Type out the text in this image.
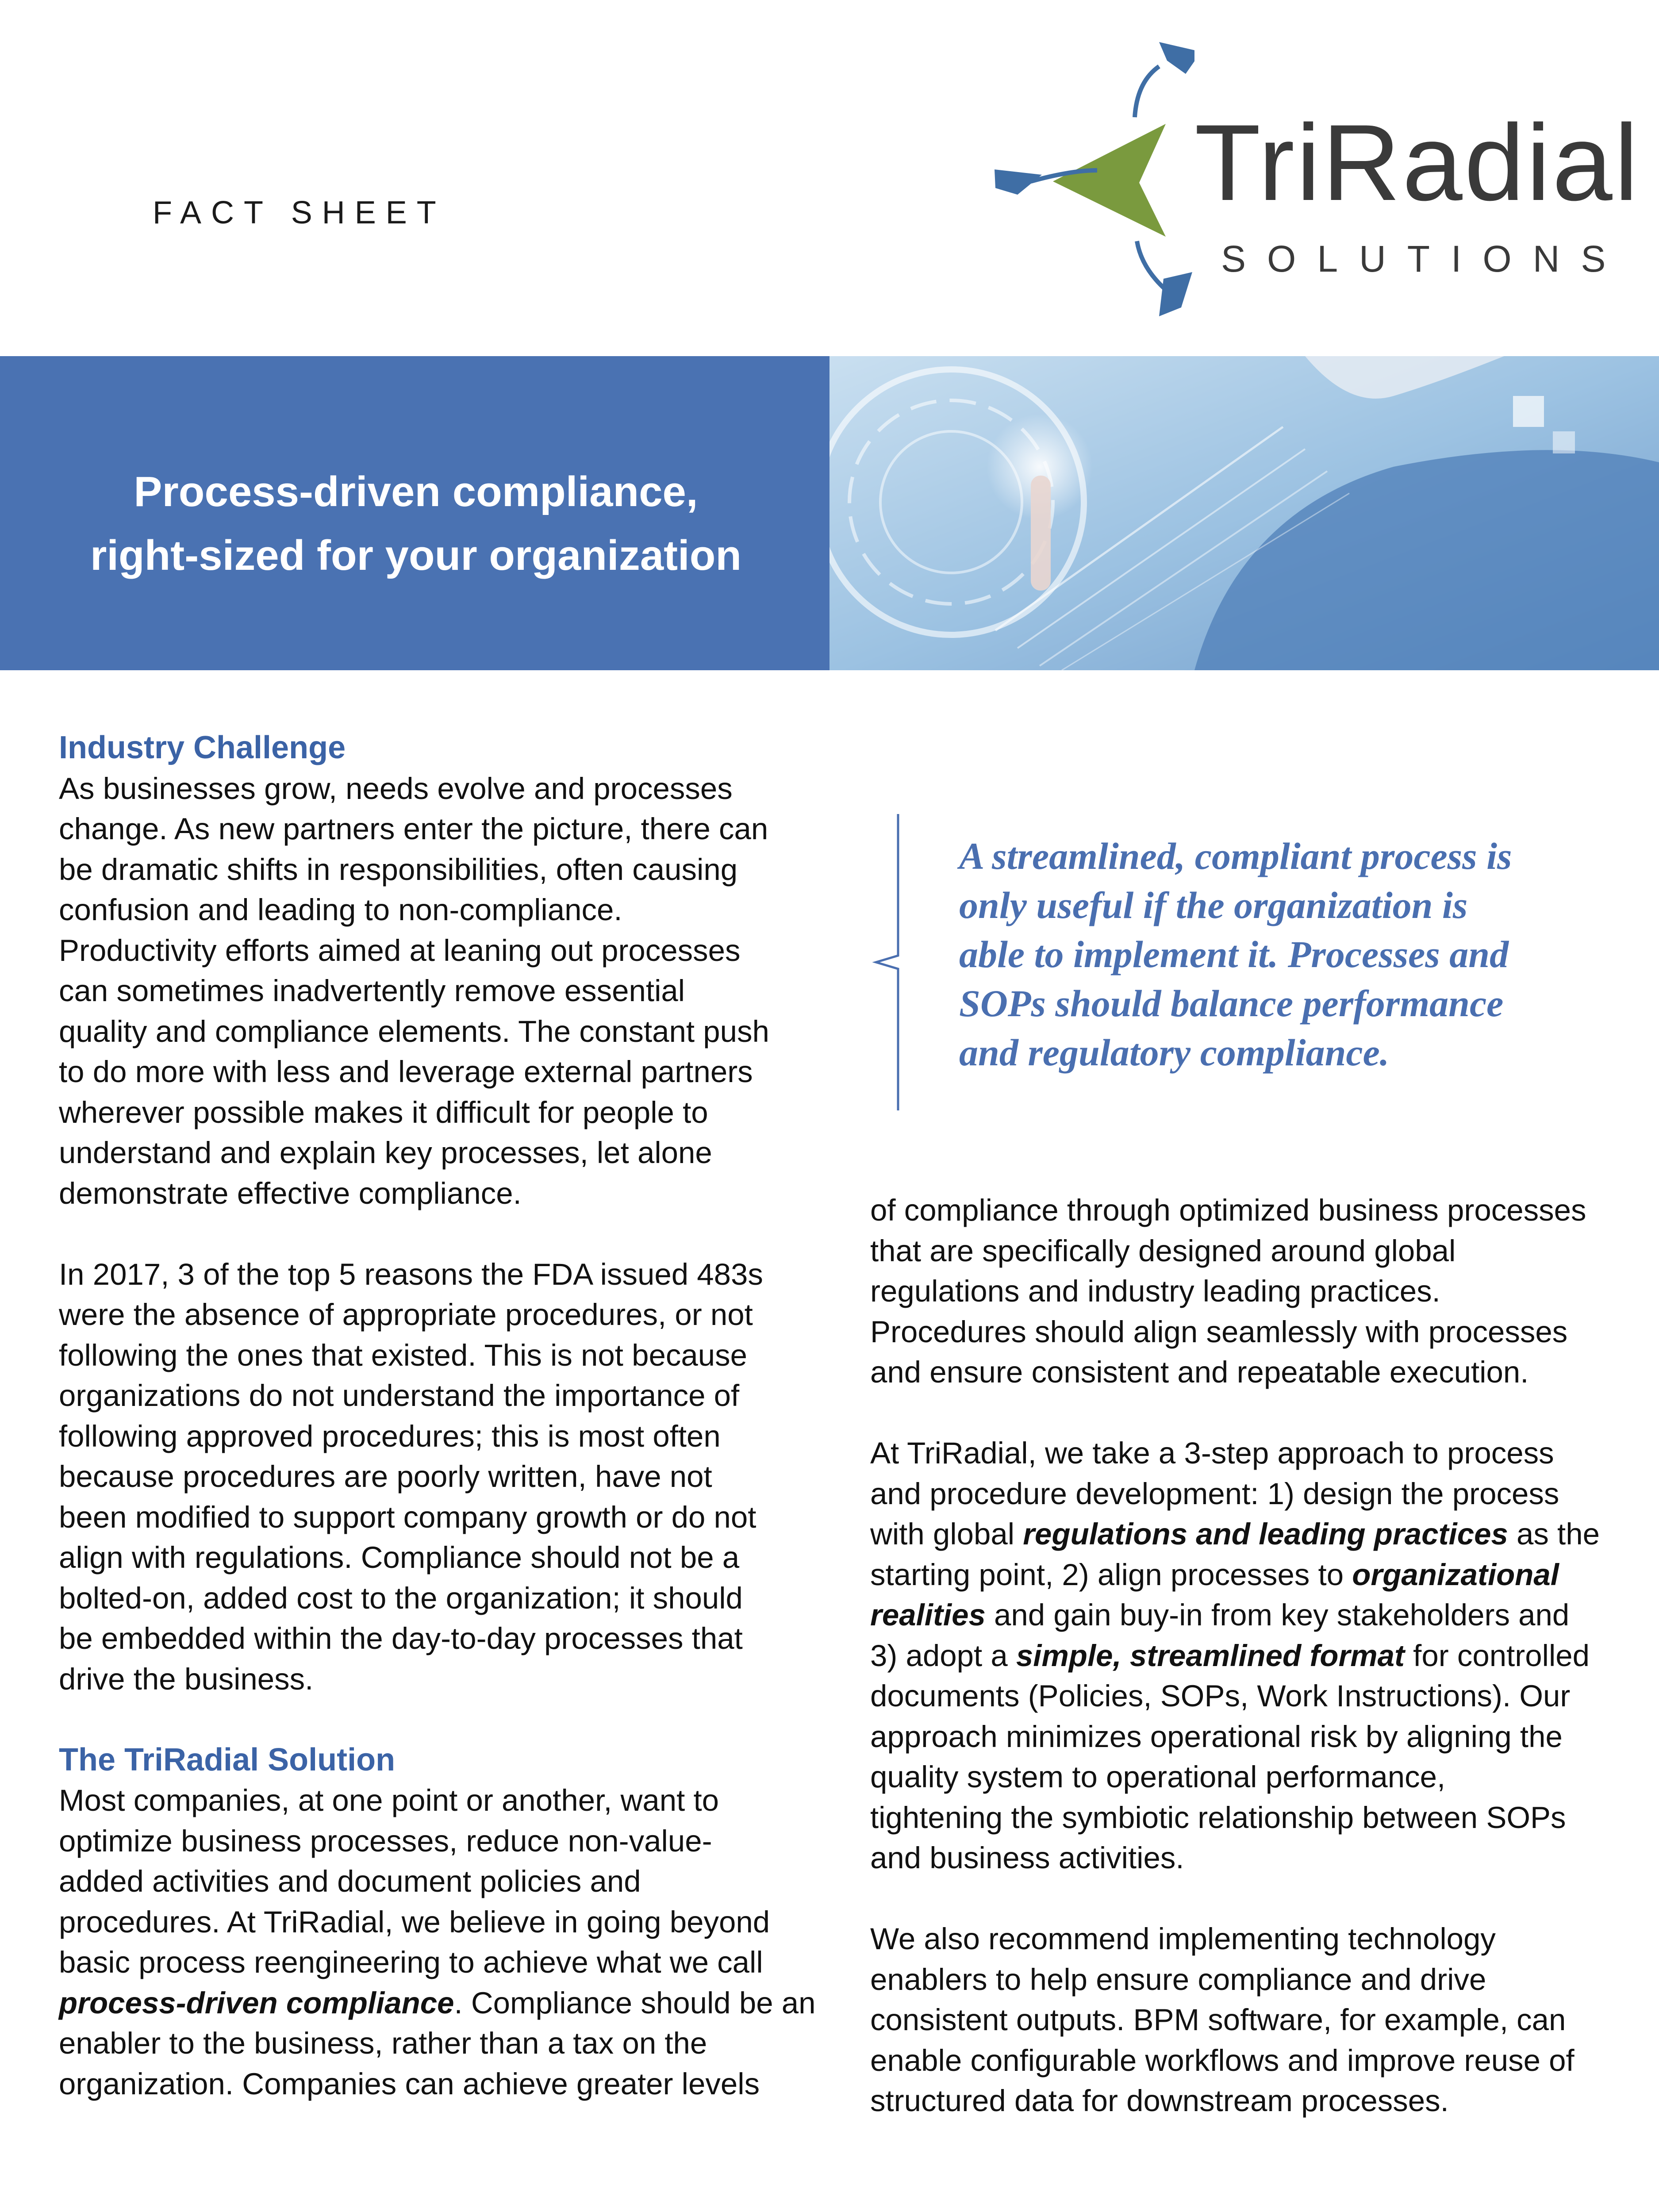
FACT SHEET	TriRadial
SOLUTIONS
Process-driven compliance,
right-sized for your organization
Industry Challenge

As businesses grow, needs evolve and processes

change. As new partners enter the picture, there can

be dramatic shifts in responsibilities, often causing

confusion and leading to non-compliance.

Productivity efforts aimed at leaning out processes

can sometimes inadvertently remove essential

quality and compliance elements. The constant push

to do more with less and leverage external partners

wherever possible makes it difficult for people to

understand and explain key processes, let alone

demonstrate effective compliance.

In 2017, 3 of the top 5 reasons the FDA issued 483s

were the absence of appropriate procedures, or not

following the ones that existed. This is not because

organizations do not understand the importance of

following approved procedures; this is most often

because procedures are poorly written, have not

been modified to support company growth or do not

align with regulations. Compliance should not be a

bolted-on, added cost to the organization; it should

be embedded within the day-to-day processes that

drive the business.

The TriRadial Solution

Most companies, at one point or another, want to

optimize business processes, reduce non-value-

added activities and document policies and

procedures. At TriRadial, we believe in going beyond

basic process reengineering to achieve what we call

process-driven compliance. Compliance should be an

enabler to the business, rather than a tax on the

organization. Companies can achieve greater levels

A streamlined, compliant process is
only useful if the organization is
able to implement it. Processes and
SOPs should balance performance
and regulatory compliance.

of compliance through optimized business processes

that are specifically designed around global

regulations and industry leading practices.

Procedures should align seamlessly with processes

and ensure consistent and repeatable execution.

At TriRadial, we take a 3-step approach to process

and procedure development: 1) design the process

with global regulations and leading practices as the

starting point, 2) align processes to organizational

realities and gain buy-in from key stakeholders and

3) adopt a simple, streamlined format for controlled

documents (Policies, SOPs, Work Instructions). Our

approach minimizes operational risk by aligning the

quality system to operational performance,

tightening the symbiotic relationship between SOPs

and business activities.

We also recommend implementing technology

enablers to help ensure compliance and drive

consistent outputs. BPM software, for example, can

enable configurable workflows and improve reuse of

structured data for downstream processes.
